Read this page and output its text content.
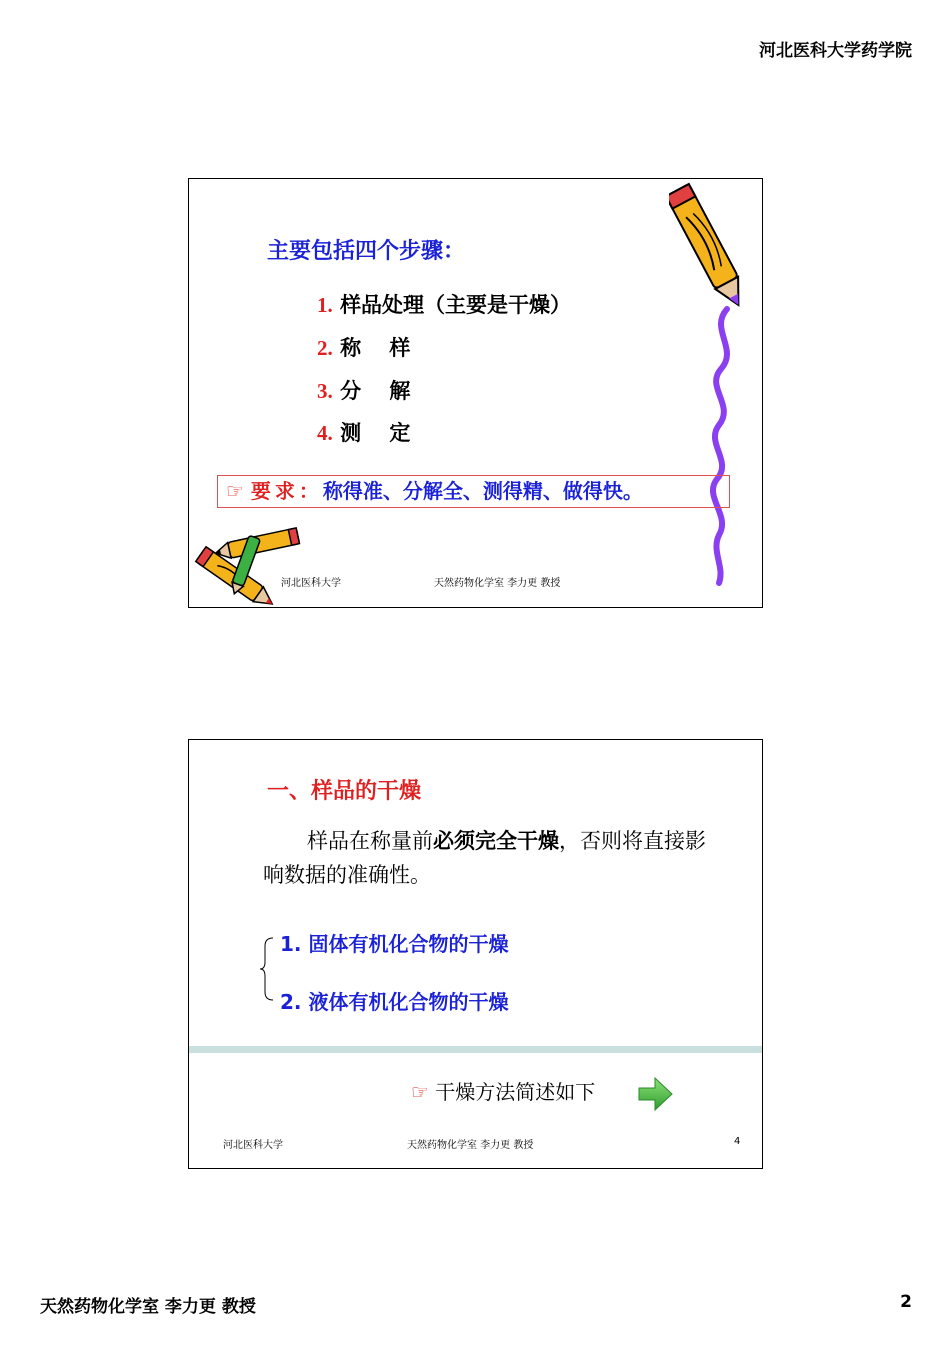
河北医科大学药学院
主要包括四个步骤：
1. 样品处理（主要是干燥）
2. 称　 样
3. 分　 解
4. 测　 定
☞ 要求：称得准、分解全、测得精、做得快。
河北医科大学	天然药物化学室 李力更 教授
一、样品的干燥
样品在称量前必须完全干燥，否则将直接影响数据的准确性。
1. 固体有机化合物的干燥
2. 液体有机化合物的干燥
☞ 干燥方法简述如下
河北医科大学	天然药物化学室 李力更 教授	4
天然药物化学室 李力更 教授	2
